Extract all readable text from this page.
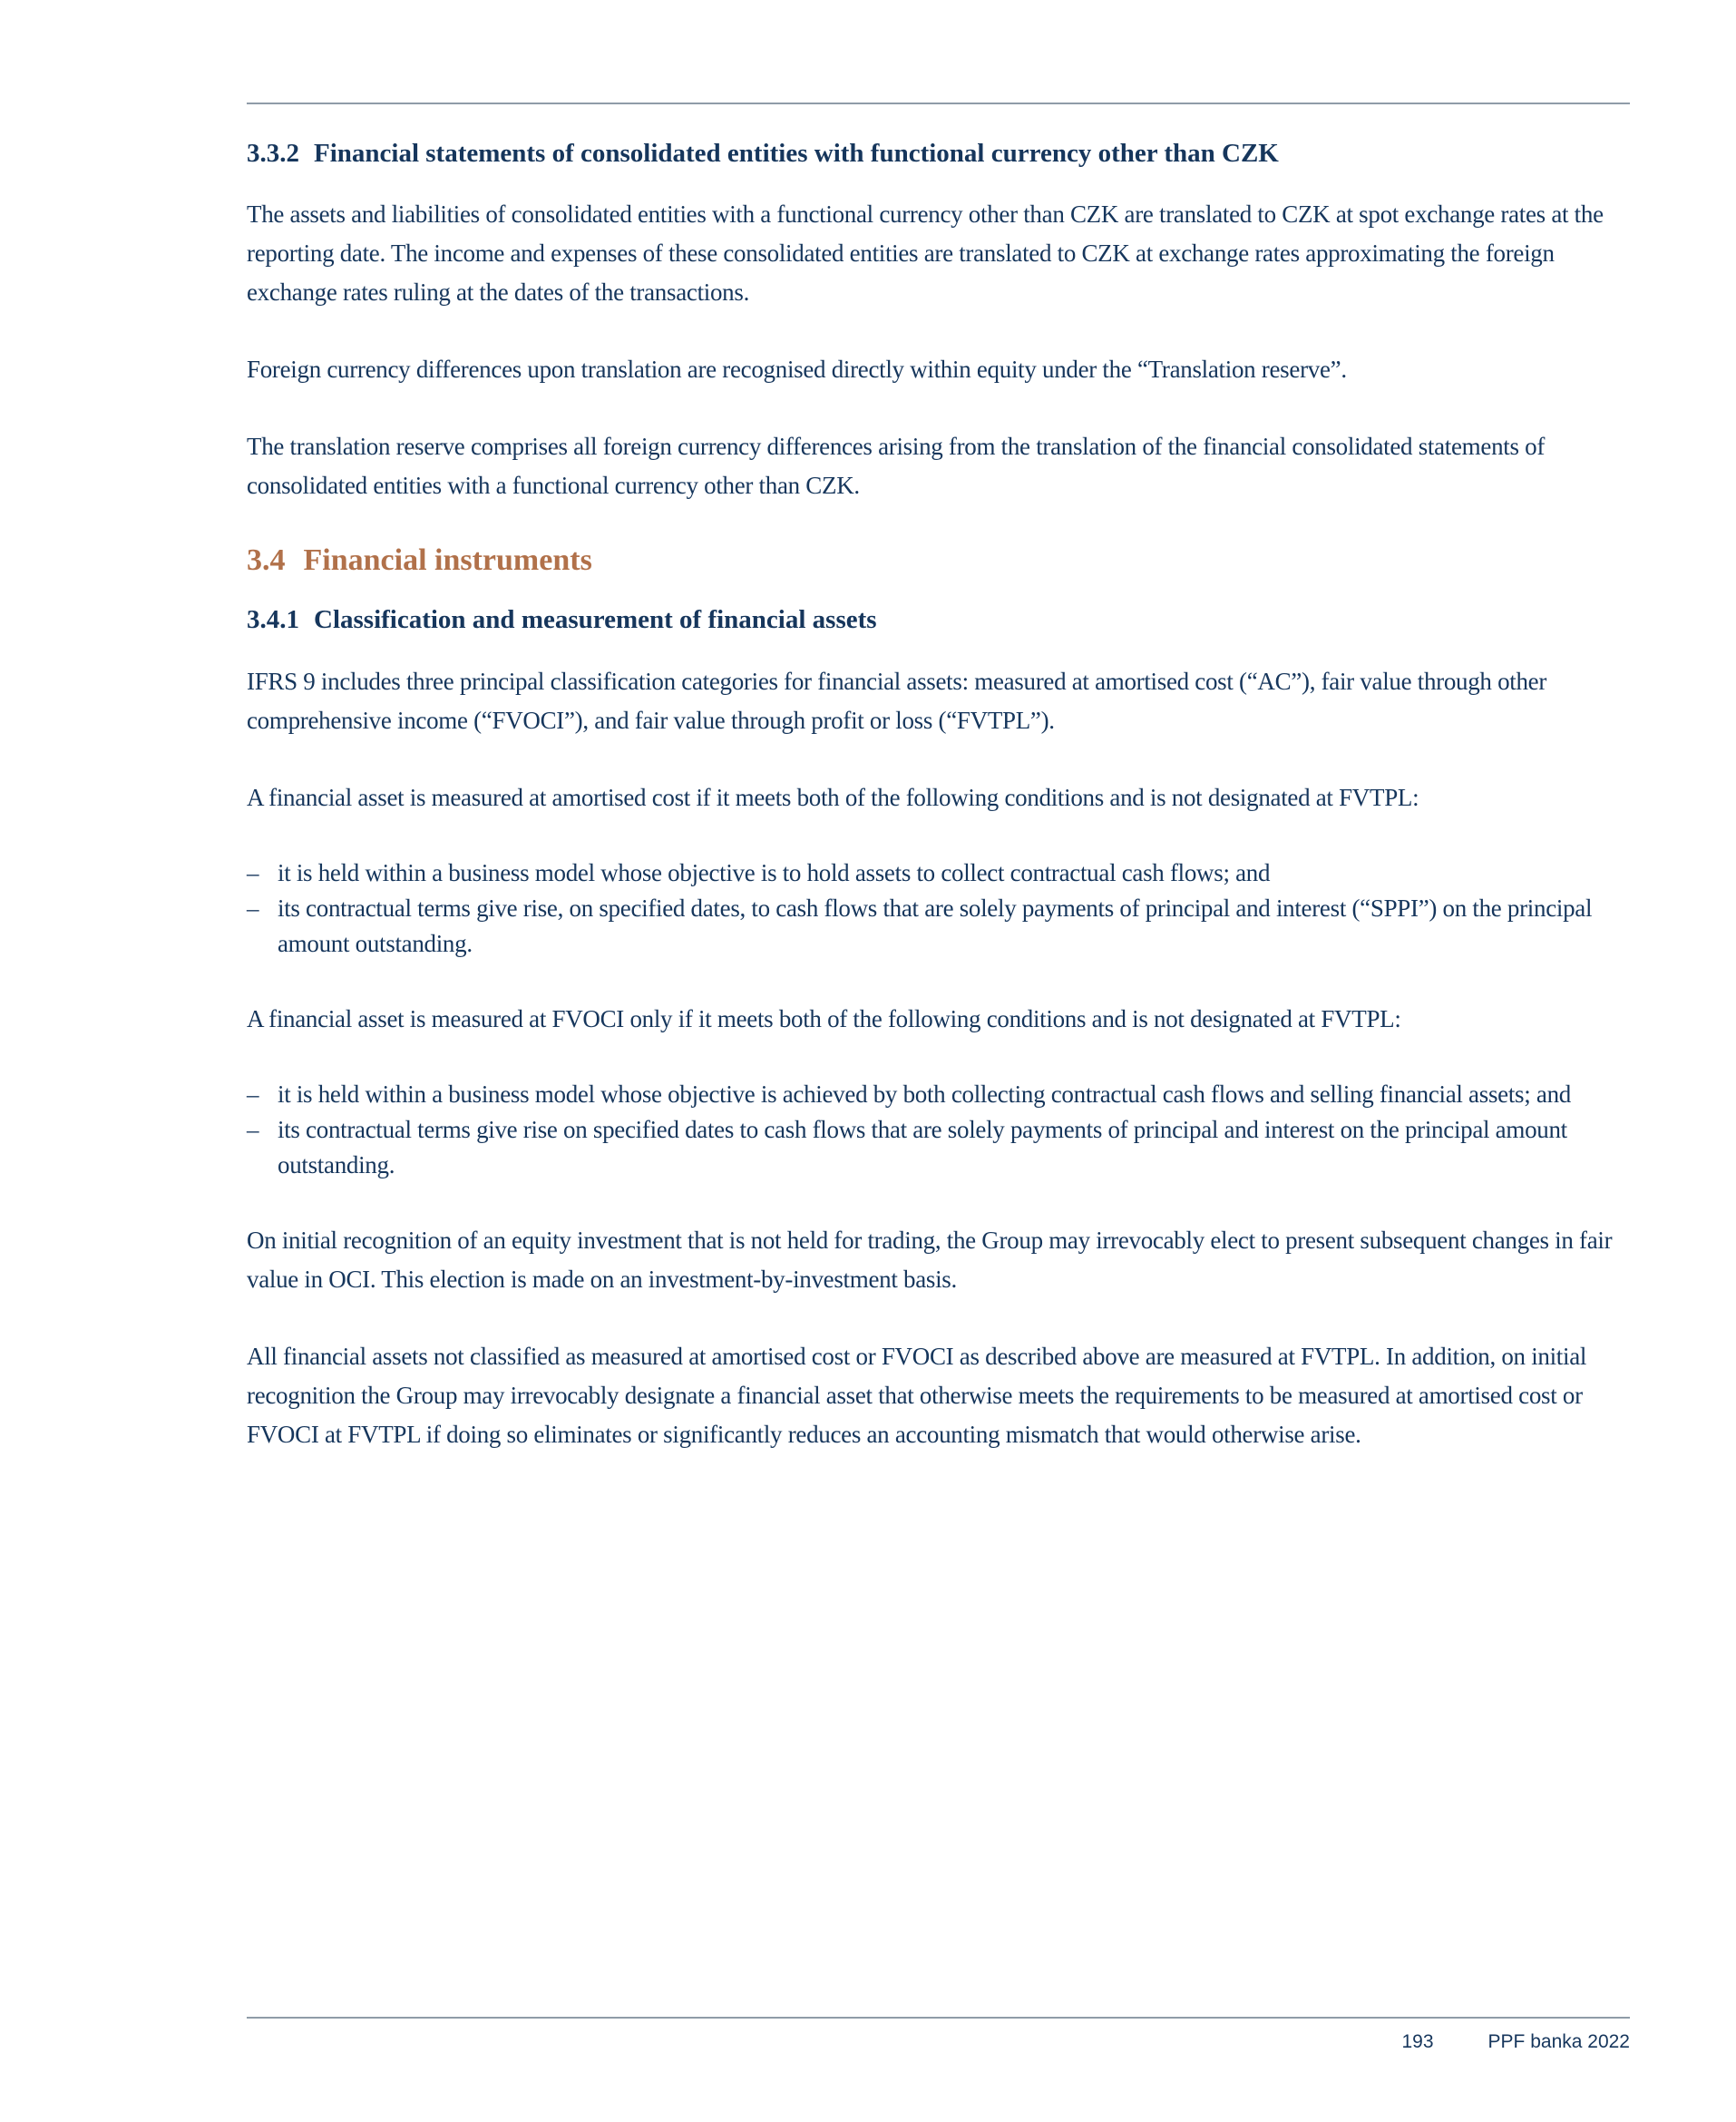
3.3.2 Financial statements of consolidated entities with functional currency other than CZK

The assets and liabilities of consolidated entities with a functional currency other than CZK are translated to CZK at spot exchange rates at the reporting date. The income and expenses of these consolidated entities are translated to CZK at exchange rates approximating the foreign exchange rates ruling at the dates of the transactions.

Foreign currency differences upon translation are recognised directly within equity under the “Translation reserve”.

The translation reserve comprises all foreign currency differences arising from the translation of the financial consolidated statements of consolidated entities with a functional currency other than CZK.

3.4 Financial instruments
3.4.1 Classification and measurement of financial assets

IFRS 9 includes three principal classification categories for financial assets: measured at amortised cost (“AC”), fair value through other comprehensive income (“FVOCI”), and fair value through profit or loss (“FVTPL”).

A financial asset is measured at amortised cost if it meets both of the following conditions and is not designated at FVTPL:

– it is held within a business model whose objective is to hold assets to collect contractual cash flows; and
– its contractual terms give rise, on specified dates, to cash flows that are solely payments of principal and interest (“SPPI”) on the principal amount outstanding.

A financial asset is measured at FVOCI only if it meets both of the following conditions and is not designated at FVTPL:

– it is held within a business model whose objective is achieved by both collecting contractual cash flows and selling financial assets; and
– its contractual terms give rise on specified dates to cash flows that are solely payments of principal and interest on the principal amount outstanding.

On initial recognition of an equity investment that is not held for trading, the Group may irrevocably elect to present subsequent changes in fair value in OCI. This election is made on an investment-by-investment basis.

All financial assets not classified as measured at amortised cost or FVOCI as described above are measured at FVTPL. In addition, on initial recognition the Group may irrevocably designate a financial asset that otherwise meets the requirements to be measured at amortised cost or FVOCI at FVTPL if doing so eliminates or significantly reduces an accounting mismatch that would otherwise arise.

193	PPF banka 2022
